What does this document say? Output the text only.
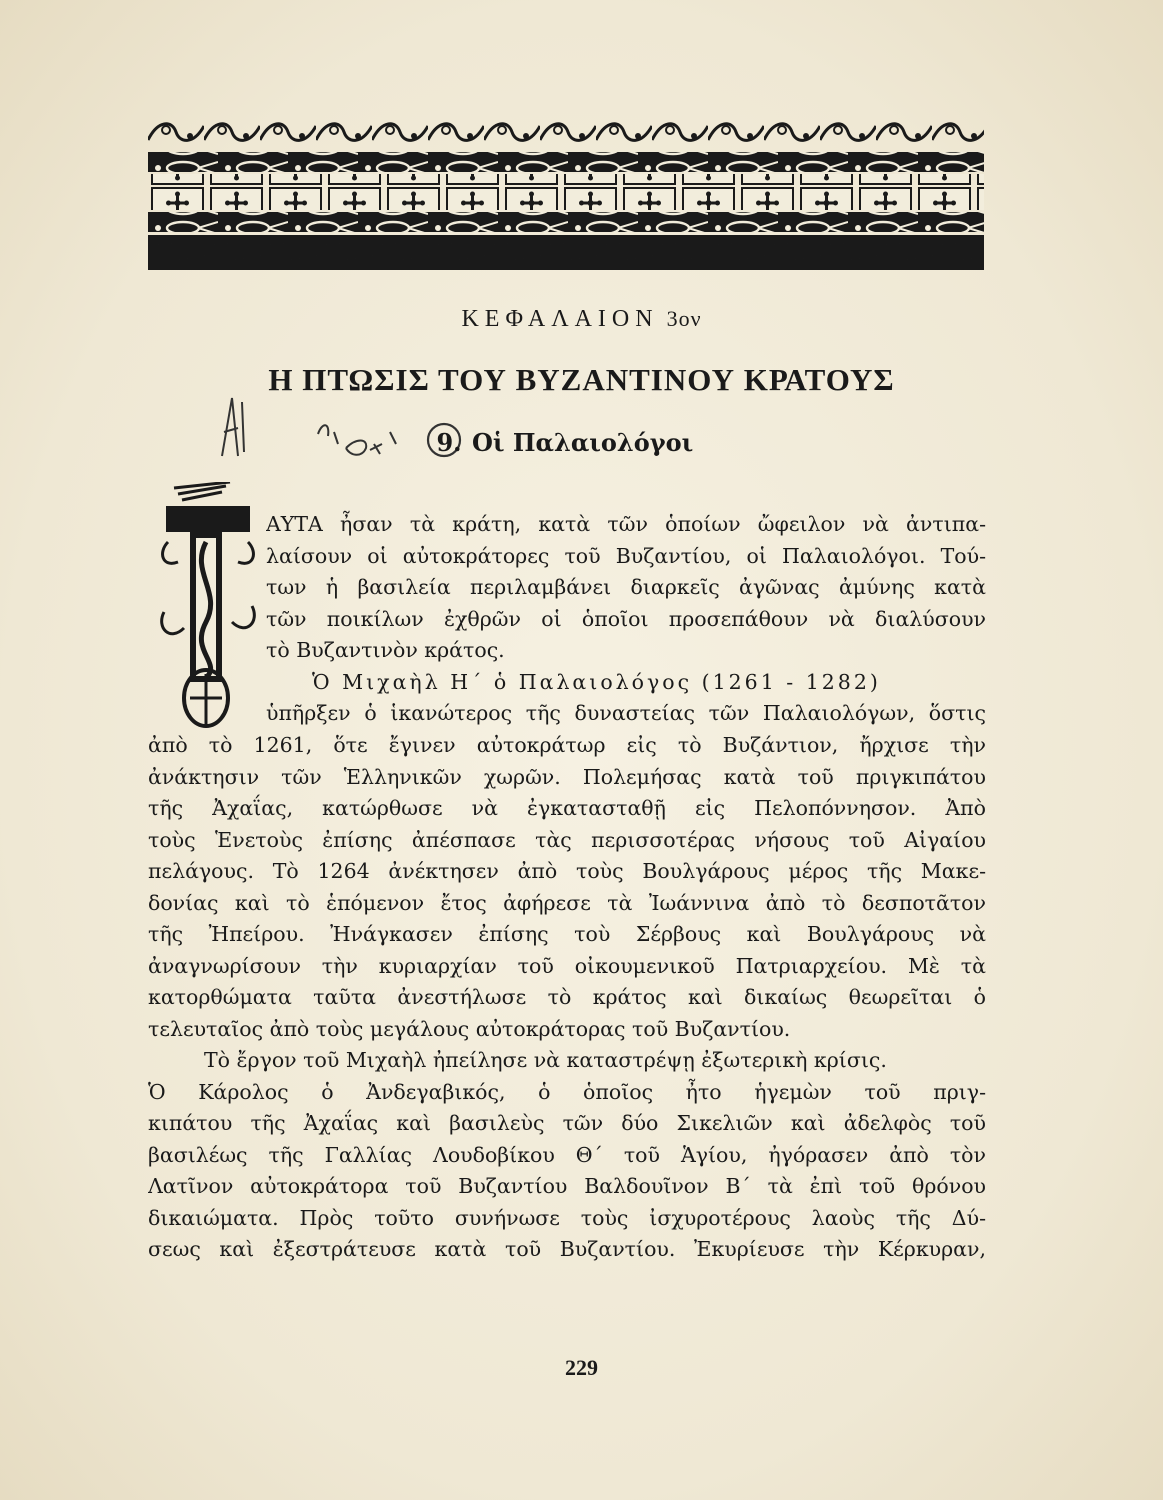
ΚΕΦΑΛΑΙΟΝ 3ον
Η ΠΤΩΣΙΣ ΤΟΥ ΒΥΖΑΝΤΙΝΟΥ ΚΡΑΤΟΥΣ
9. Οἱ Παλαιολόγοι
ΑΥΤΑ ἦσαν τὰ κράτη, κατὰ τῶν ὁποίων ὤφειλον νὰ ἀντιπα-
λαίσουν οἱ αὐτοκράτορες τοῦ Βυζαντίου, οἱ Παλαιολόγοι. Τού-
των ἡ βασιλεία περιλαμβάνει διαρκεῖς ἀγῶνας ἀμύνης κατὰ
τῶν ποικίλων ἐχθρῶν οἱ ὁποῖοι προσεπάθουν νὰ διαλύσουν
τὸ Βυζαντινὸν κράτος.
Ὁ Μιχαὴλ Η΄ ὁ Παλαιολόγος (1261 - 1282)
ὑπῆρξεν ὁ ἱκανώτερος τῆς δυναστείας τῶν Παλαιολόγων, ὅστις
ἀπὸ τὸ 1261, ὅτε ἔγινεν αὐτοκράτωρ εἰς τὸ Βυζάντιον, ἤρχισε τὴν
ἀνάκτησιν τῶν Ἑλληνικῶν χωρῶν. Πολεμήσας κατὰ τοῦ πριγκιπάτου
τῆς Ἀχαΐας, κατώρθωσε νὰ ἐγκατασταθῇ εἰς Πελοπόννησον. Ἀπὸ
τοὺς Ἑνετοὺς ἐπίσης ἀπέσπασε τὰς περισσοτέρας νήσους τοῦ Αἰγαίου
πελάγους. Τὸ 1264 ἀνέκτησεν ἀπὸ τοὺς Βουλγάρους μέρος τῆς Μακε-
δονίας καὶ τὸ ἑπόμενον ἔτος ἀφήρεσε τὰ Ἰωάννινα ἀπὸ τὸ δεσποτᾶτον
τῆς Ἠπείρου. Ἠνάγκασεν ἐπίσης τοὺ Σέρβους καὶ Βουλγάρους νὰ
ἀναγνωρίσουν τὴν κυριαρχίαν τοῦ οἰκουμενικοῦ Πατριαρχείου. Μὲ τὰ
κατορθώματα ταῦτα ἀνεστήλωσε τὸ κράτος καὶ δικαίως θεωρεῖται ὁ
τελευταῖος ἀπὸ τοὺς μεγάλους αὐτοκράτορας τοῦ Βυζαντίου.
Τὸ ἔργον τοῦ Μιχαὴλ ἠπείλησε νὰ καταστρέψῃ ἐξωτερικὴ κρίσις.
Ὁ Κάρολος ὁ Ἀνδεγαβικός, ὁ ὁποῖος ἦτο ἡγεμὼν τοῦ πριγ-
κιπάτου τῆς Ἀχαΐας καὶ βασιλεὺς τῶν δύο Σικελιῶν καὶ ἀδελφὸς τοῦ
βασιλέως τῆς Γαλλίας Λουδοβίκου Θ΄ τοῦ Ἁγίου, ἠγόρασεν ἀπὸ τὸν
Λατῖνον αὐτοκράτορα τοῦ Βυζαντίου Βαλδουῖνον Β΄ τὰ ἐπὶ τοῦ θρόνου
δικαιώματα. Πρὸς τοῦτο συνήνωσε τοὺς ἰσχυροτέρους λαοὺς τῆς Δύ-
σεως καὶ ἐξεστράτευσε κατὰ τοῦ Βυζαντίου. Ἐκυρίευσε τὴν Κέρκυραν,
229
